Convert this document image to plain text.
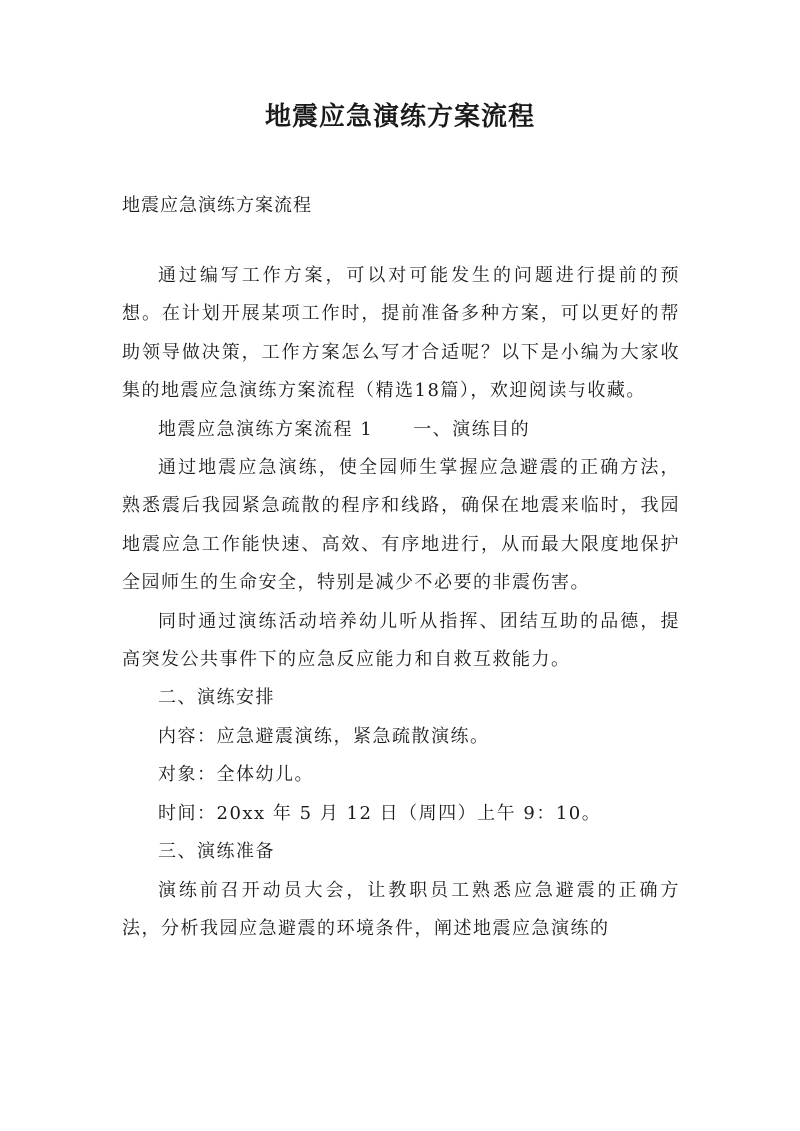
地震应急演练方案流程

地震应急演练方案流程

通过编写工作方案，可以对可能发生的问题进行提前的预想。在计划开展某项工作时，提前准备多种方案，可以更好的帮助领导做决策，工作方案怎么写才合适呢？以下是小编为大家收集的地震应急演练方案流程（精选18篇），欢迎阅读与收藏。

地震应急演练方案流程 1 一、演练目的

通过地震应急演练，使全园师生掌握应急避震的正确方法，熟悉震后我园紧急疏散的程序和线路，确保在地震来临时，我园地震应急工作能快速、高效、有序地进行，从而最大限度地保护全园师生的生命安全，特别是减少不必要的非震伤害。

同时通过演练活动培养幼儿听从指挥、团结互助的品德，提高突发公共事件下的应急反应能力和自救互救能力。

二、演练安排

内容：应急避震演练，紧急疏散演练。

对象：全体幼儿。

时间：20xx 年 5 月 12 日（周四）上午 9：10。

三、演练准备

演练前召开动员大会，让教职员工熟悉应急避震的正确方法，分析我园应急避震的环境条件，阐述地震应急演练的
